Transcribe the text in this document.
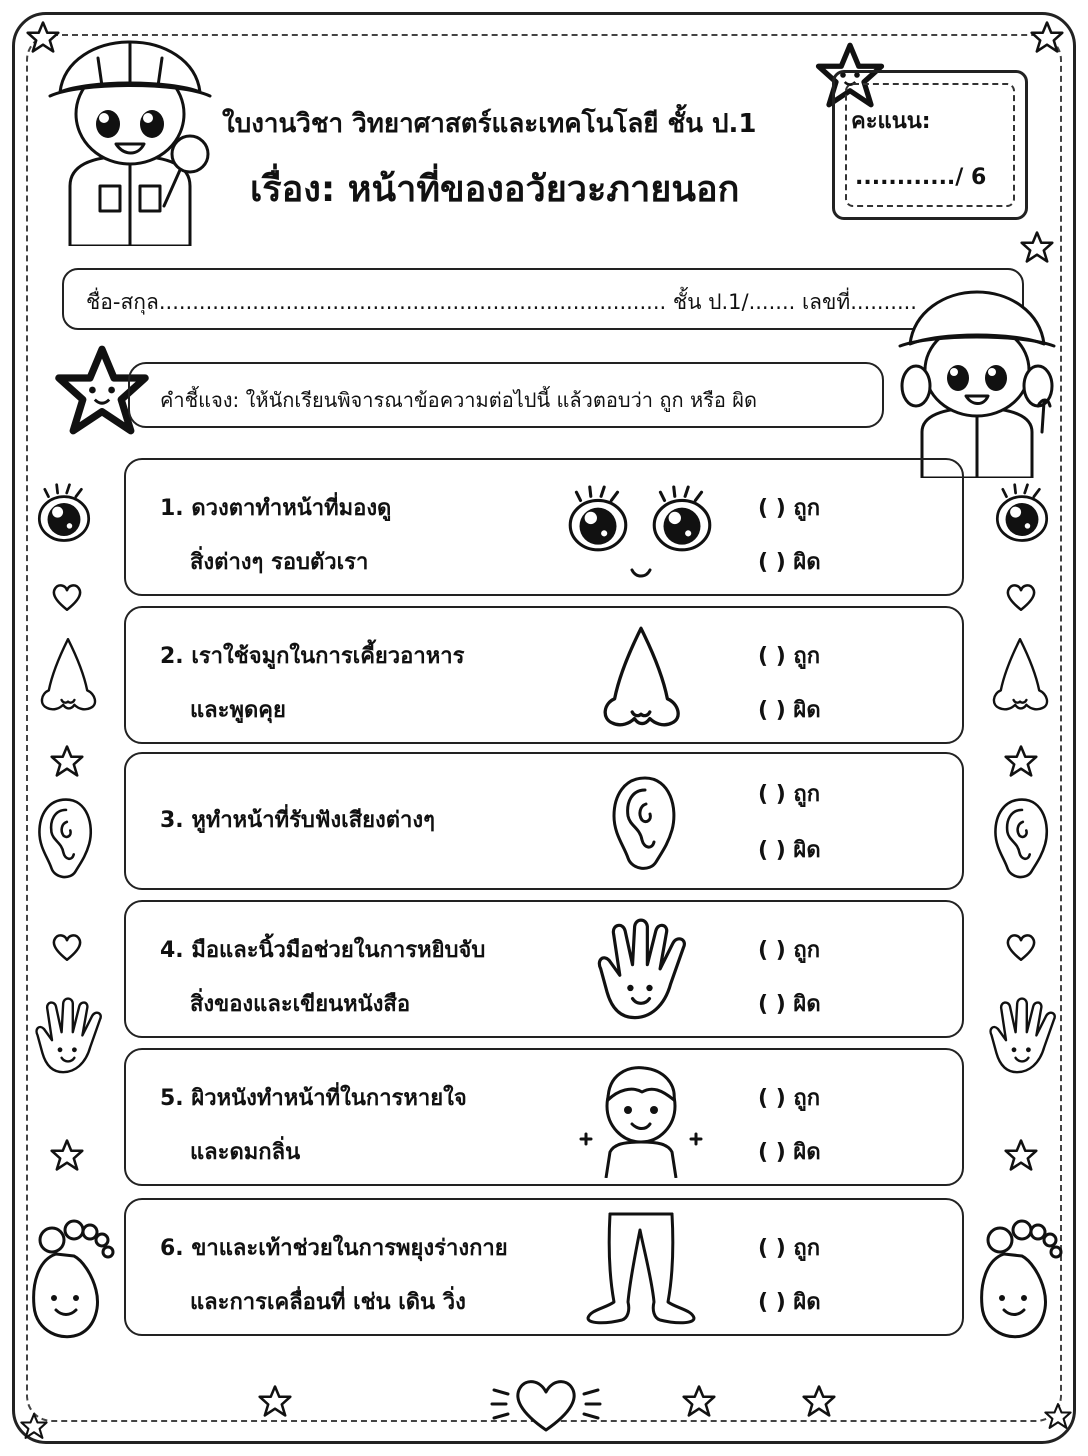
ใบงานวิชา วิทยาศาสตร์และเทคโนโลยี ชั้น ป.1
เรื่อง: หน้าที่ของอวัยวะภายนอก
คะแนน:
............/ 6
ชื่อ-สกุล............................................................................ ชั้น ป.1/....... เลขที่..........
คำชี้แจง: ให้นักเรียนพิจารณาข้อความต่อไปนี้ แล้วตอบว่า ถูก หรือ ผิด
1. ดวงตาทำหน้าที่มองดู
สิ่งต่างๆ รอบตัวเรา
( ) ถูก
( ) ผิด
2. เราใช้จมูกในการเคี้ยวอาหาร
และพูดคุย
( ) ถูก
( ) ผิด
3. หูทำหน้าที่รับฟังเสียงต่างๆ
( ) ถูก
( ) ผิด
4. มือและนิ้วมือช่วยในการหยิบจับ
สิ่งของและเขียนหนังสือ
( ) ถูก
( ) ผิด
5. ผิวหนังทำหน้าที่ในการหายใจ
และดมกลิ่น
( ) ถูก
( ) ผิด
6. ขาและเท้าช่วยในการพยุงร่างกาย
และการเคลื่อนที่ เช่น เดิน วิ่ง
( ) ถูก
( ) ผิด
